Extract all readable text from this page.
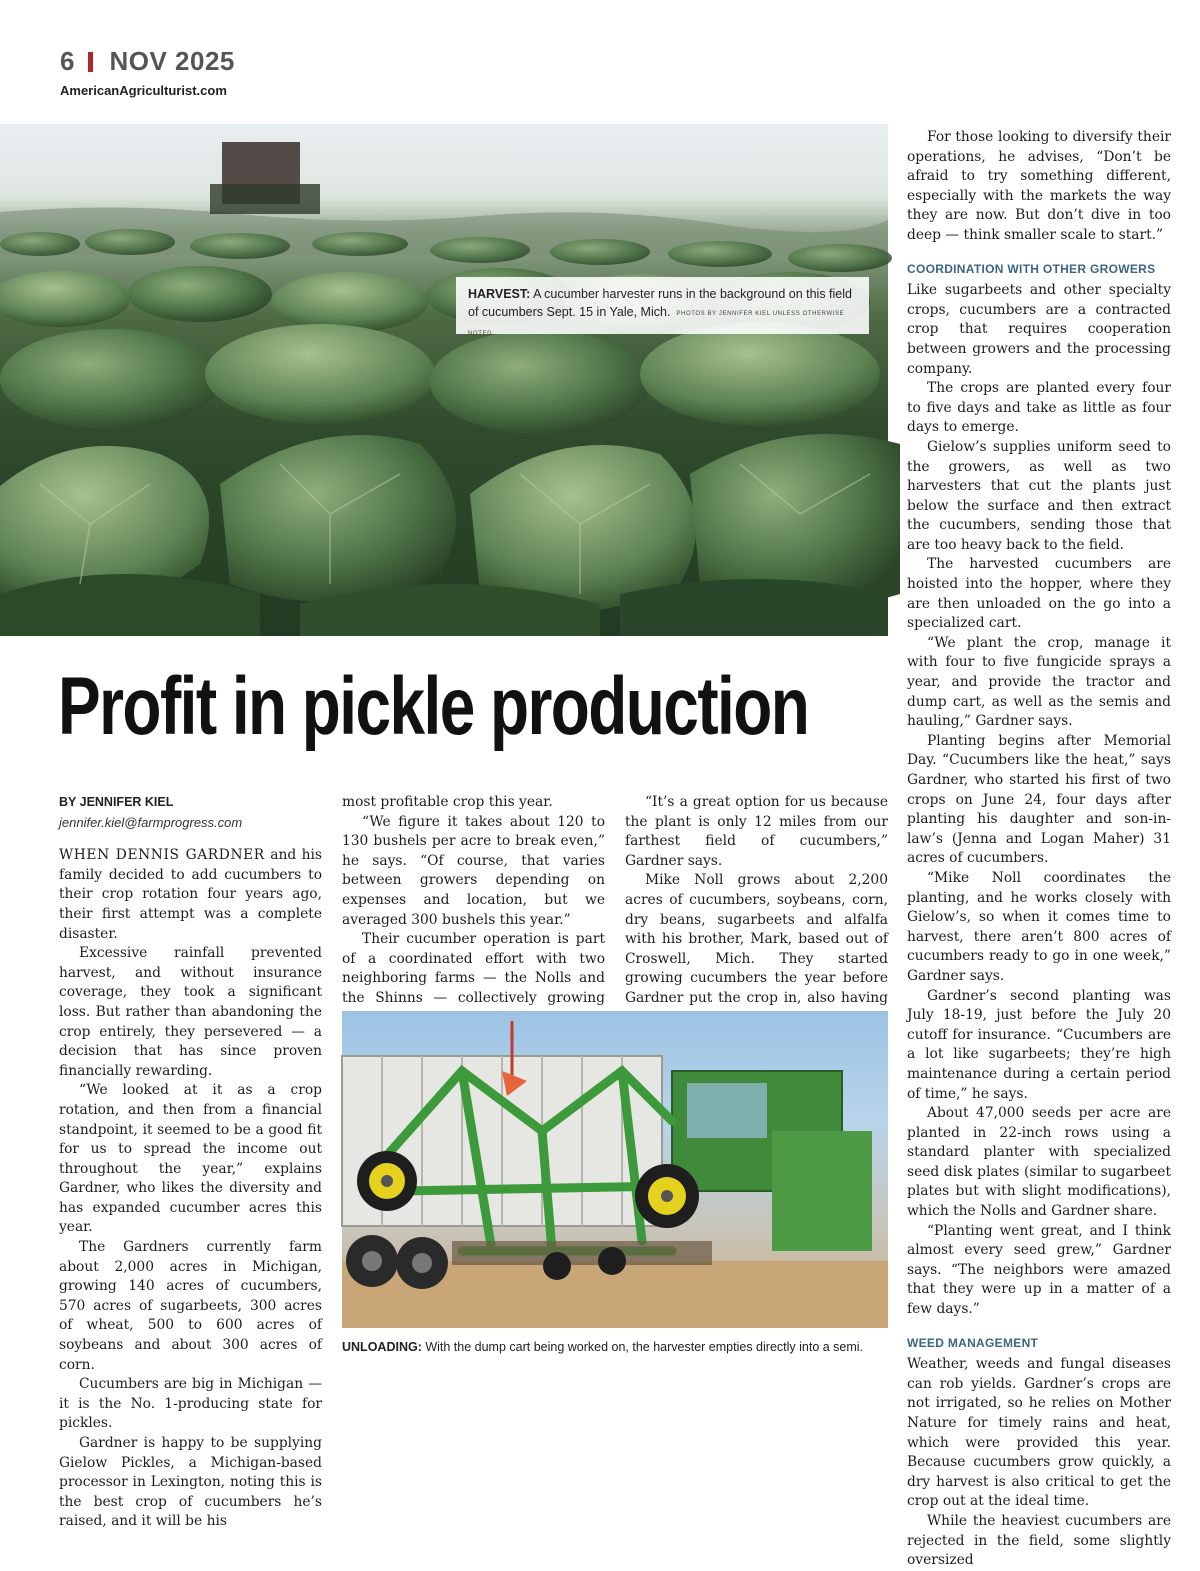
6 NOV 2025
AmericanAgriculturist.com
HARVEST: A cucumber harvester runs in the background on this field of cucumbers Sept. 15 in Yale, Mich. PHOTOS BY JENNIFER KIEL UNLESS OTHERWISE NOTED
Profit in pickle production
BY JENNIFER KIEL
jennifer.kiel@farmprogress.com

WHEN DENNIS GARDNER and his family decided to add cucumbers to their crop rotation four years ago, their first attempt was a complete disaster.

Excessive rainfall prevented harvest, and without insurance coverage, they took a significant loss. But rather than abandoning the crop entirely, they persevered — a decision that has since proven financially rewarding.

“We looked at it as a crop rotation, and then from a financial standpoint, it seemed to be a good fit for us to spread the income out throughout the year,” explains Gardner, who likes the diversity and has expanded cucumber acres this year.

The Gardners currently farm about 2,000 acres in Michigan, growing 140 acres of cucumbers, 570 acres of sugarbeets, 300 acres of wheat, 500 to 600 acres of soybeans and about 300 acres of corn.

Cucumbers are big in Michigan — it is the No. 1-producing state for pickles.

Gardner is happy to be supplying Gielow Pickles, a Michigan-based processor in Lexington, noting this is the best crop of cucumbers he’s raised, and it will be his

most profitable crop this year.

“We figure it takes about 120 to 130 bushels per acre to break even,” he says. “Of course, that varies between growers depending on expenses and location, but we averaged 300 bushels this year.”

Their cucumber operation is part of a coordinated effort with two neighboring farms — the Nolls and the Shinns — collectively growing

“It’s a great option for us because the plant is only 12 miles from our farthest field of cucumbers,” Gardner says.

Mike Noll grows about 2,200 acres of cucumbers, soybeans, corn, dry beans, sugarbeets and alfalfa with his brother, Mark, based out of Croswell, Mich. They started growing cucumbers the year before Gardner put the crop in, also having

UNLOADING: With the dump cart being worked on, the harvester empties directly into a semi.

For those looking to diversify their operations, he advises, “Don’t be afraid to try something different, especially with the markets the way they are now. But don’t dive in too deep — think smaller scale to start.”

COORDINATION WITH OTHER GROWERS

Like sugarbeets and other specialty crops, cucumbers are a contracted crop that requires cooperation between growers and the processing company.

The crops are planted every four to five days and take as little as four days to emerge.

Gielow’s supplies uniform seed to the growers, as well as two harvesters that cut the plants just below the surface and then extract the cucumbers, sending those that are too heavy back to the field.

The harvested cucumbers are hoisted into the hopper, where they are then unloaded on the go into a specialized cart.

“We plant the crop, manage it with four to five fungicide sprays a year, and provide the tractor and dump cart, as well as the semis and hauling,” Gardner says.

Planting begins after Memorial Day. “Cucumbers like the heat,” says Gardner, who started his first of two crops on June 24, four days after planting his daughter and son-in-law’s (Jenna and Logan Maher) 31 acres of cucumbers.

“Mike Noll coordinates the planting, and he works closely with Gielow’s, so when it comes time to harvest, there aren’t 800 acres of cucumbers ready to go in one week,” Gardner says.

Gardner’s second planting was July 18-19, just before the July 20 cutoff for insurance. “Cucumbers are a lot like sugarbeets; they’re high maintenance during a certain period of time,” he says.

About 47,000 seeds per acre are planted in 22-inch rows using a standard planter with specialized seed disk plates (similar to sugarbeet plates but with slight modifications), which the Nolls and Gardner share.

“Planting went great, and I think almost every seed grew,” Gardner says. “The neighbors were amazed that they were up in a matter of a few days.”

WEED MANAGEMENT

Weather, weeds and fungal diseases can rob yields. Gardner’s crops are not irrigated, so he relies on Mother Nature for timely rains and heat, which were provided this year. Because cucumbers grow quickly, a dry harvest is also critical to get the crop out at the ideal time.

While the heaviest cucumbers are rejected in the field, some slightly oversized
